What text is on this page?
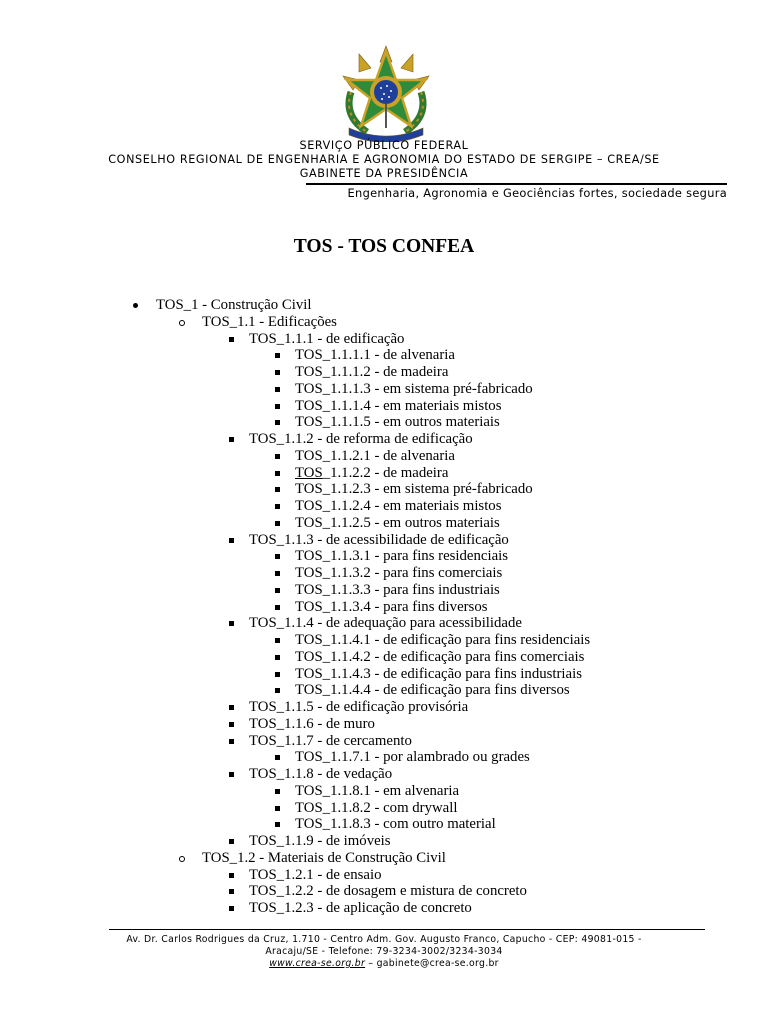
SERVIÇO PÚBLICO FEDERAL
CONSELHO REGIONAL DE ENGENHARIA E AGRONOMIA DO ESTADO DE SERGIPE – CREA/SE
GABINETE DA PRESIDÊNCIA
Engenharia, Agronomia e Geociências fortes, sociedade segura
TOS - TOS CONFEA
TOS_1 - Construção Civil
TOS_1.1 - Edificações
TOS_1.1.1 - de edificação
TOS_1.1.1.1 - de alvenaria
TOS_1.1.1.2 - de madeira
TOS_1.1.1.3 - em sistema pré-fabricado
TOS_1.1.1.4 - em materiais mistos
TOS_1.1.1.5 - em outros materiais
TOS_1.1.2 - de reforma de edificação
TOS_1.1.2.1 - de alvenaria
TOS_1.1.2.2 - de madeira
TOS_1.1.2.3 - em sistema pré-fabricado
TOS_1.1.2.4 - em materiais mistos
TOS_1.1.2.5 - em outros materiais
TOS_1.1.3 - de acessibilidade de edificação
TOS_1.1.3.1 - para fins residenciais
TOS_1.1.3.2 - para fins comerciais
TOS_1.1.3.3 - para fins industriais
TOS_1.1.3.4 - para fins diversos
TOS_1.1.4 - de adequação para acessibilidade
TOS_1.1.4.1 - de edificação para fins residenciais
TOS_1.1.4.2 - de edificação para fins comerciais
TOS_1.1.4.3 - de edificação para fins industriais
TOS_1.1.4.4 - de edificação para fins diversos
TOS_1.1.5 - de edificação provisória
TOS_1.1.6 - de muro
TOS_1.1.7 - de cercamento
TOS_1.1.7.1 - por alambrado ou grades
TOS_1.1.8 - de vedação
TOS_1.1.8.1 - em alvenaria
TOS_1.1.8.2 - com drywall
TOS_1.1.8.3 - com outro material
TOS_1.1.9 - de imóveis
TOS_1.2 - Materiais de Construção Civil
TOS_1.2.1 - de ensaio
TOS_1.2.2 - de dosagem e mistura de concreto
TOS_1.2.3 - de aplicação de concreto
Av. Dr. Carlos Rodrigues da Cruz, 1.710 - Centro Adm. Gov. Augusto Franco, Capucho - CEP: 49081-015 -
Aracaju/SE - Telefone: 79-3234-3002/3234-3034
www.crea-se.org.br – gabinete@crea-se.org.br
